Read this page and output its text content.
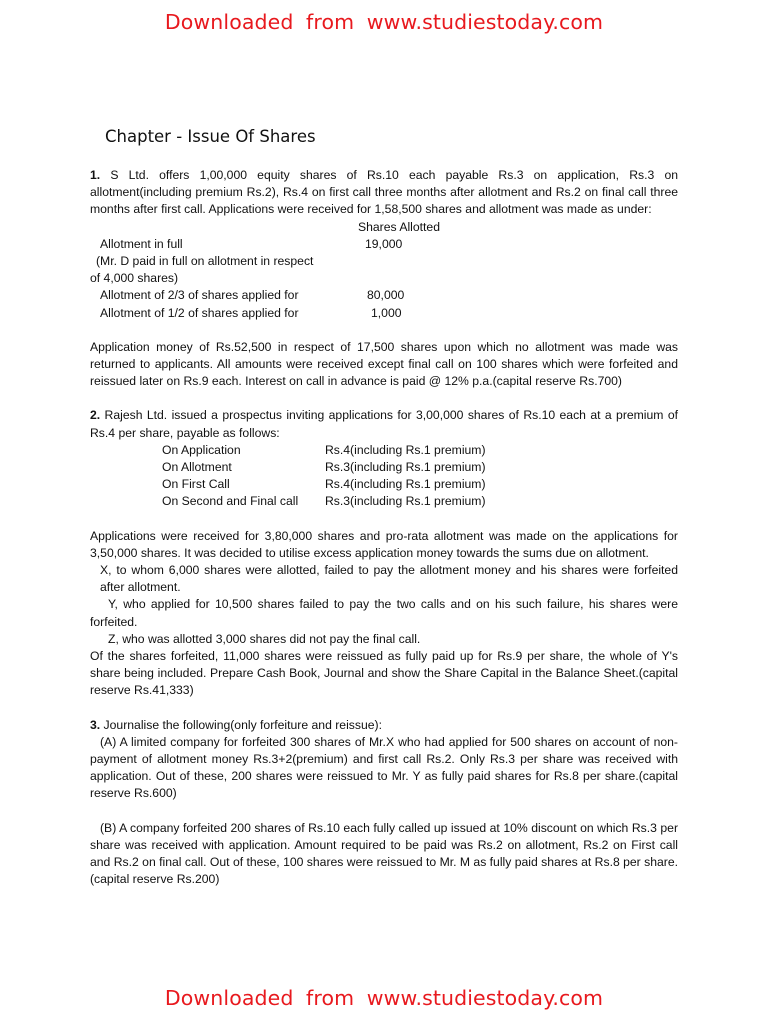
Downloaded from www.studiestoday.com
Chapter - Issue Of Shares

1. S Ltd. offers 1,00,000 equity shares of Rs.10 each payable Rs.3 on application, Rs.3 on allotment(including premium Rs.2), Rs.4 on first call three months after allotment and Rs.2 on final call three months after first call. Applications were received for 1,58,500 shares and allotment was made as under:

Shares Allotted
Allotment in full	19,000
(Mr. D paid in full on allotment in respect
of 4,000 shares)
Allotment of 2/3 of shares applied for	80,000
Allotment of 1/2 of shares applied for	1,000

Application money of Rs.52,500 in respect of 17,500 shares upon which no allotment was made was returned to applicants. All amounts were received except final call on 100 shares which were forfeited and reissued later on Rs.9 each. Interest on call in advance is paid @ 12% p.a.(capital reserve Rs.700)

2. Rajesh Ltd. issued a prospectus inviting applications for 3,00,000 shares of Rs.10 each at a premium of Rs.4 per share, payable as follows:

On Application	Rs.4(including Rs.1 premium)
On Allotment	Rs.3(including Rs.1 premium)
On First Call	Rs.4(including Rs.1 premium)
On Second and Final call Rs.3(including Rs.1 premium)

Applications were received for 3,80,000 shares and pro-rata allotment was made on the applications for 3,50,000 shares. It was decided to utilise excess application money towards the sums due on allotment.

X, to whom 6,000 shares were allotted, failed to pay the allotment money and his shares were forfeited after allotment.

Y, who applied for 10,500 shares failed to pay the two calls and on his such failure, his shares were forfeited.

Z, who was allotted 3,000 shares did not pay the final call.

Of the shares forfeited, 11,000 shares were reissued as fully paid up for Rs.9 per share, the whole of Y's share being included. Prepare Cash Book, Journal and show the Share Capital in the Balance Sheet.(capital reserve Rs.41,333)

3. Journalise the following(only forfeiture and reissue):

(A) A limited company for forfeited 300 shares of Mr.X who had applied for 500 shares on account of non-payment of allotment money Rs.3+2(premium) and first call Rs.2. Only Rs.3 per share was received with application. Out of these, 200 shares were reissued to Mr. Y as fully paid shares for Rs.8 per share.(capital reserve Rs.600)

(B) A company forfeited 200 shares of Rs.10 each fully called up issued at 10% discount on which Rs.3 per share was received with application. Amount required to be paid was Rs.2 on allotment, Rs.2 on First call and Rs.2 on final call. Out of these, 100 shares were reissued to Mr. M as fully paid shares at Rs.8 per share.(capital reserve Rs.200)

Downloaded from www.studiestoday.com
